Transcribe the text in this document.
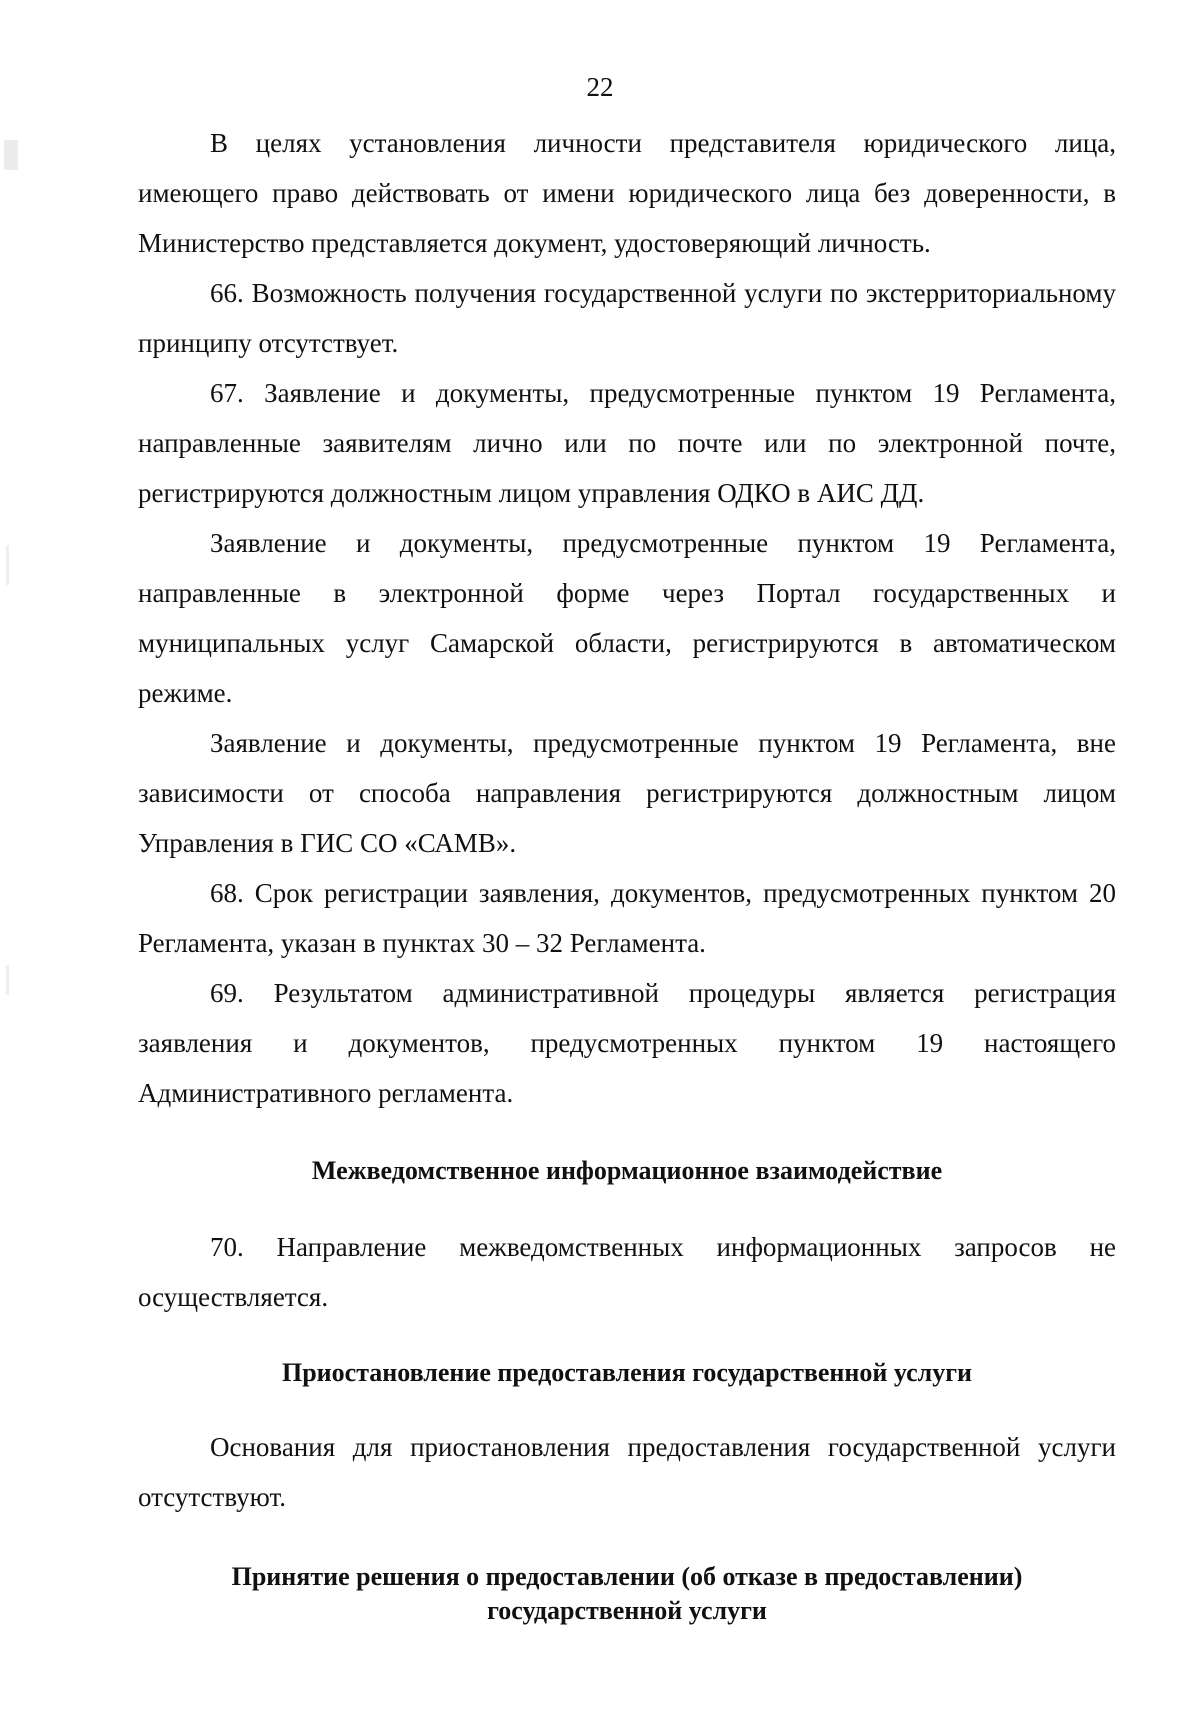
22

В целях установления личности представителя юридического лица, имеющего право действовать от имени юридического лица без доверенности, в Министерство представляется документ, удостоверяющий личность.

66. Возможность получения государственной услуги по экстерриториальному принципу отсутствует.

67. Заявление и документы, предусмотренные пунктом 19 Регламента, направленные заявителям лично или по почте или по электронной почте, регистрируются должностным лицом управления ОДКО в АИС ДД.

Заявление и документы, предусмотренные пунктом 19 Регламента, направленные в электронной форме через Портал государственных и муниципальных услуг Самарской области, регистрируются в автоматическом режиме.

Заявление и документы, предусмотренные пунктом 19 Регламента, вне зависимости от способа направления регистрируются должностным лицом Управления в ГИС СО «САМВ».

68. Срок регистрации заявления, документов, предусмотренных пунктом 20 Регламента, указан в пунктах 30 – 32 Регламента.

69. Результатом административной процедуры является регистрация заявления и документов, предусмотренных пунктом 19 настоящего Административного регламента.

Межведомственное информационное взаимодействие

70. Направление межведомственных информационных запросов не осуществляется.

Приостановление предоставления государственной услуги

Основания для приостановления предоставления государственной услуги отсутствуют.

Принятие решения о предоставлении (об отказе в предоставлении)
государственной услуги
